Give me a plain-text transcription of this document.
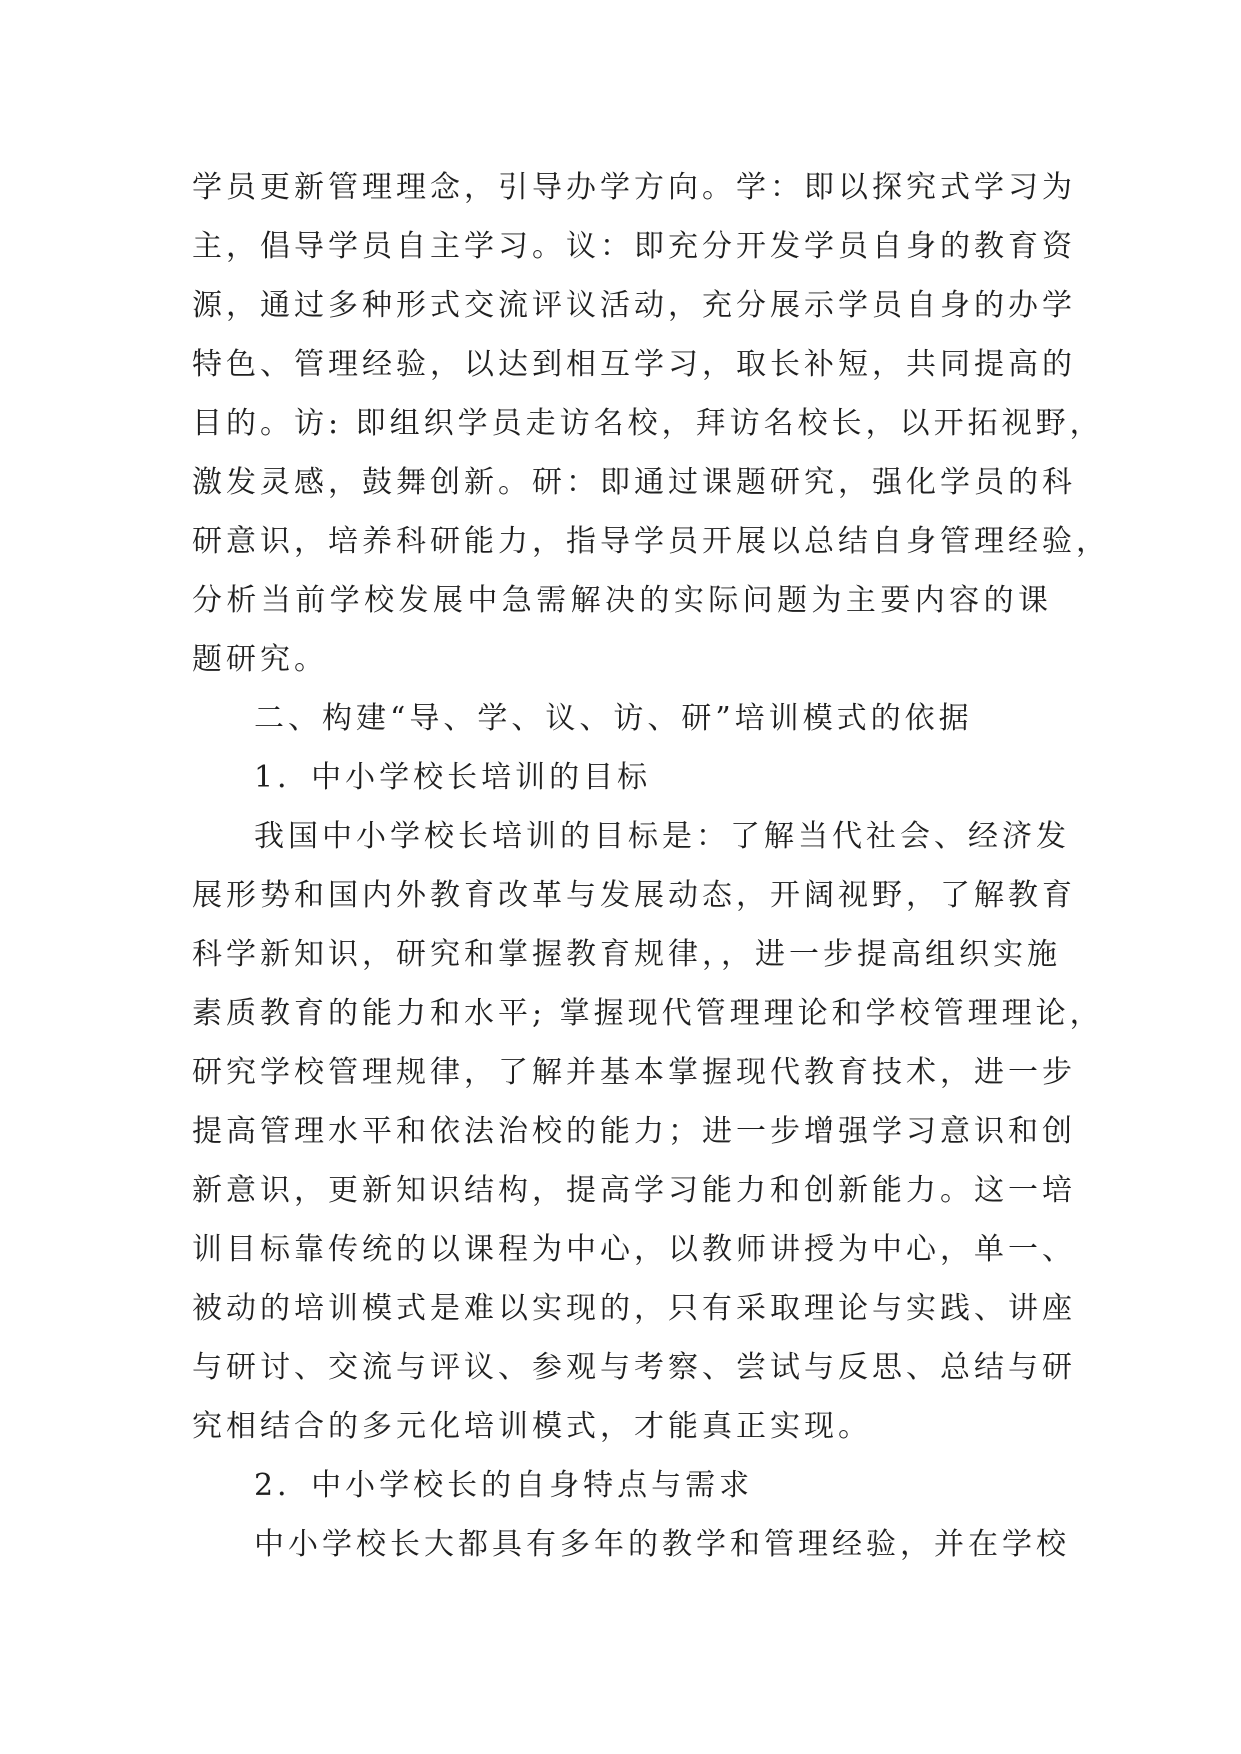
学员更新管理理念，引导办学方向。学：即以探究式学习为
主，倡导学员自主学习。议：即充分开发学员自身的教育资
源，通过多种形式交流评议活动，充分展示学员自身的办学
特色、管理经验，以达到相互学习，取长补短，共同提高的
目的。访: 即组织学员走访名校，拜访名校长，以开拓视野，
激发灵感，鼓舞创新。研：即通过课题研究，强化学员的科
研意识，培养科研能力，指导学员开展以总结自身管理经验，
分析当前学校发展中急需解决的实际问题为主要内容的课
题研究。
二、构建“导、学、议、访、研”培训模式的依据
1．中小学校长培训的目标
我国中小学校长培训的目标是：了解当代社会、经济发
展形势和国内外教育改革与发展动态，开阔视野，了解教育
科学新知识，研究和掌握教育规律，，进一步提高组织实施
素质教育的能力和水平; 掌握现代管理理论和学校管理理论，
研究学校管理规律，了解并基本掌握现代教育技术，进一步
提高管理水平和依法治校的能力；进一步增强学习意识和创
新意识，更新知识结构，提高学习能力和创新能力。这一培
训目标靠传统的以课程为中心，以教师讲授为中心，单一、
被动的培训模式是难以实现的，只有采取理论与实践、讲座
与研讨、交流与评议、参观与考察、尝试与反思、总结与研
究相结合的多元化培训模式，才能真正实现。
2．中小学校长的自身特点与需求
中小学校长大都具有多年的教学和管理经验，并在学校
